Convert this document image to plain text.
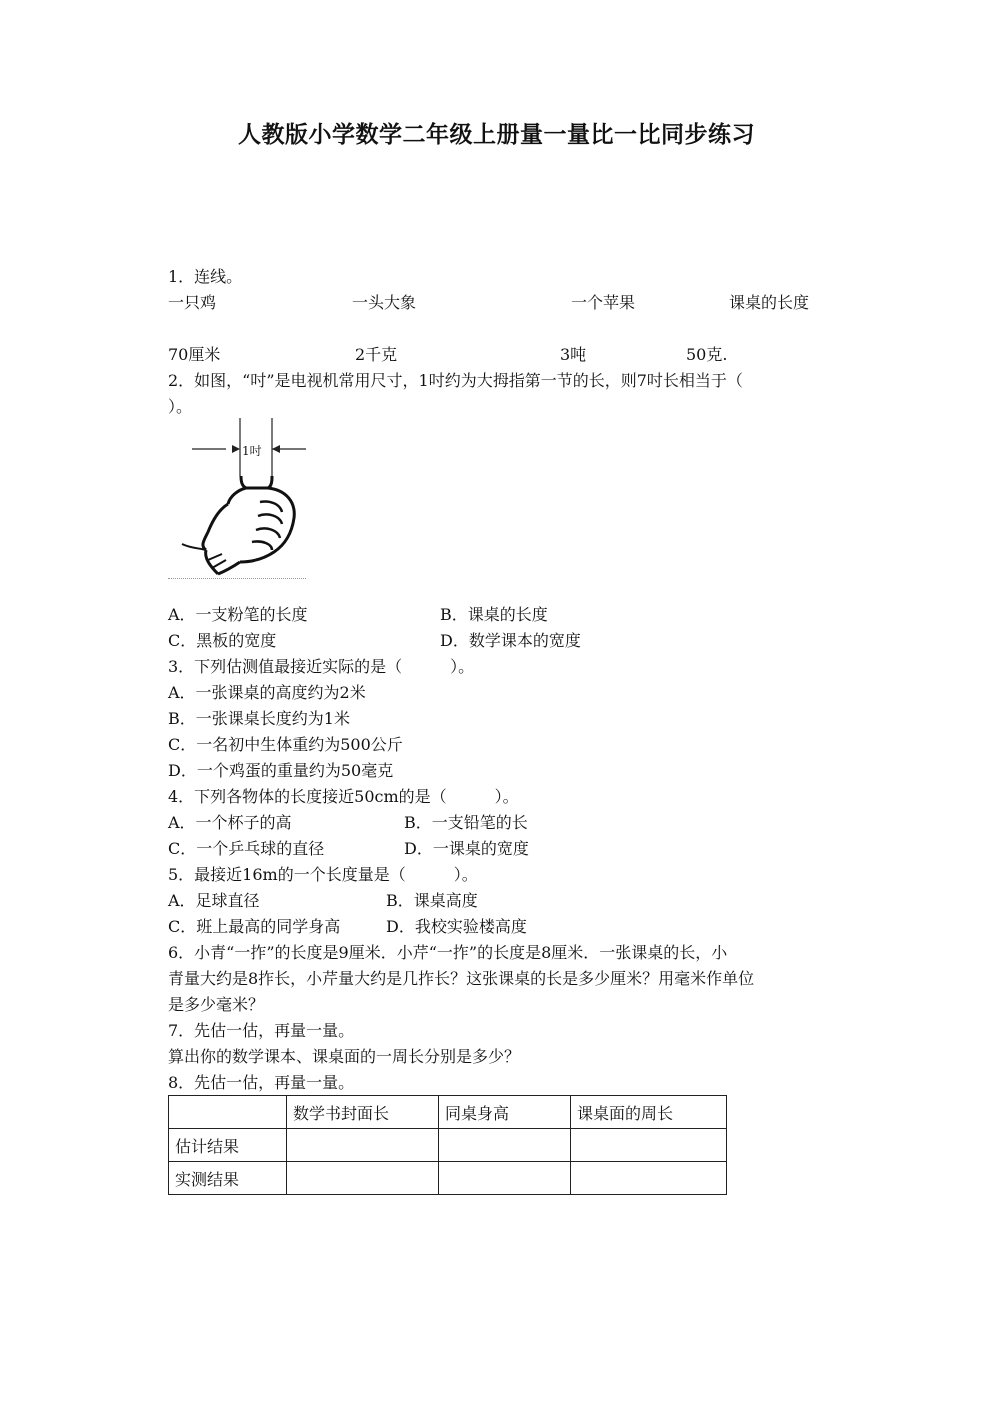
人教版小学数学二年级上册量一量比一比同步练习
1．连线。
一只鸡	一头大象	一个苹果	课桌的长度
70厘米	2千克	3吨	50克.
2．如图，“吋”是电视机常用尺寸，1吋约为大拇指第一节的长，则7吋长相当于（
）。
1吋
A．一支粉笔的长度	B．课桌的长度
C．黑板的宽度	D．数学课本的宽度
3．下列估测值最接近实际的是（　　　）。
A．一张课桌的高度约为2米
B．一张课桌长度约为1米
C．一名初中生体重约为500公斤
D．一个鸡蛋的重量约为50毫克
4．下列各物体的长度接近50cm的是（　　　）。
A．一个杯子的高	B．一支铅笔的长
C．一个乒乓球的直径	D．一课桌的宽度
5．最接近16m的一个长度量是（　　　）。
A．足球直径	B．课桌高度
C．班上最高的同学身高	D．我校实验楼高度
6．小青“一拃”的长度是9厘米．小芹“一拃”的长度是8厘米．一张课桌的长，小
青量大约是8拃长，小芹量大约是几拃长？这张课桌的长是多少厘米？用毫米作单位
是多少毫米？
7．先估一估，再量一量。
算出你的数学课本、课桌面的一周长分别是多少？
8．先估一估，再量一量。
	数学书封面长	同桌身高	课桌面的周长
估计结果			
实测结果			
